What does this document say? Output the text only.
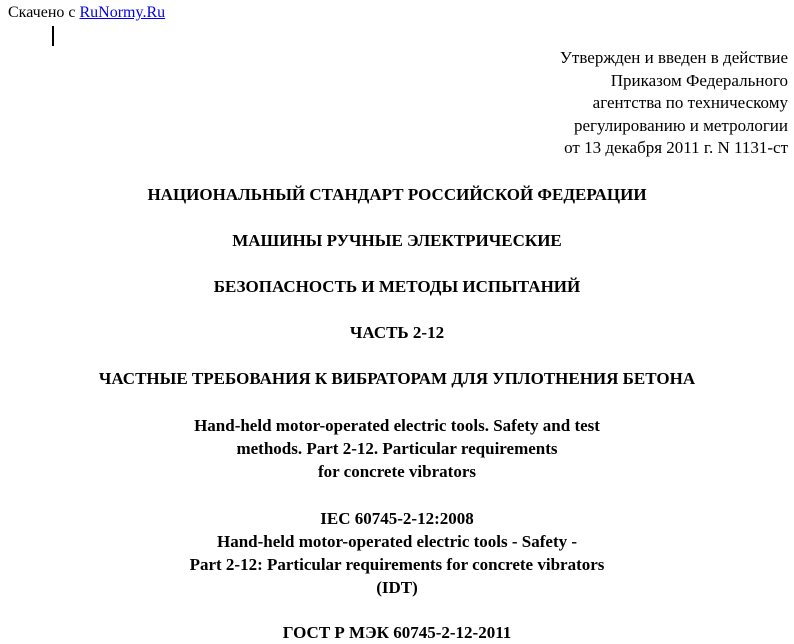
Скачено с RuNormy.Ru
Утвержден и введен в действие
Приказом Федерального
агентства по техническому
регулированию и метрологии
от 13 декабря 2011 г. N 1131-ст
НАЦИОНАЛЬНЫЙ СТАНДАРТ РОССИЙСКОЙ ФЕДЕРАЦИИ
МАШИНЫ РУЧНЫЕ ЭЛЕКТРИЧЕСКИЕ
БЕЗОПАСНОСТЬ И МЕТОДЫ ИСПЫТАНИЙ
ЧАСТЬ 2-12
ЧАСТНЫЕ ТРЕБОВАНИЯ К ВИБРАТОРАМ ДЛЯ УПЛОТНЕНИЯ БЕТОНА
Hand-held motor-operated electric tools. Safety and test
methods. Part 2-12. Particular requirements
for concrete vibrators
IEC 60745-2-12:2008
Hand-held motor-operated electric tools - Safety -
Part 2-12: Particular requirements for concrete vibrators
(IDT)
ГОСТ Р МЭК 60745-2-12-2011
